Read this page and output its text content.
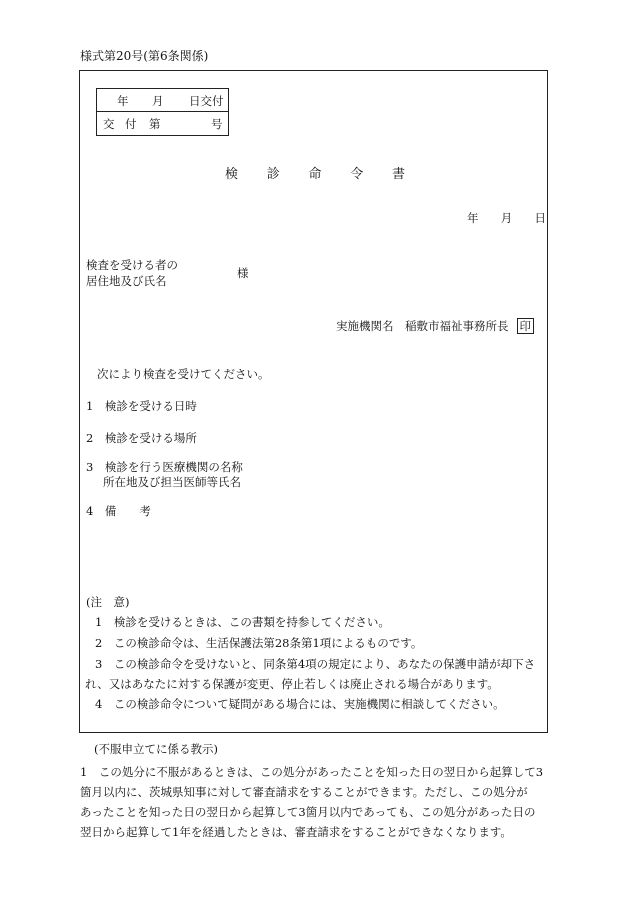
様式第20号(第6条関係)
年 月 日交付
交 付 第	号
検 診 命 令 書
年 月 日
検査を受ける者の
居住地及び氏名
様
実施機関名　稲敷市福祉事務所長 印
次により検査を受けてください。
1　検診を受ける日時
2　検診を受ける場所
3　検診を行う医療機関の名称
所在地及び担当医師等氏名
4　備　　考
(注　意)
1　検診を受けるときは、この書類を持参してください。
2　この検診命令は、生活保護法第28条第1項によるものです。
3　この検診命令を受けないと、同条第4項の規定により、あなたの保護申請が却下さ
れ、又はあなたに対する保護が変更、停止若しくは廃止される場合があります。
4　この検診命令について疑問がある場合には、実施機関に相談してください。
(不服申立てに係る教示)
1　この処分に不服があるときは、この処分があったことを知った日の翌日から起算して3
箇月以内に、茨城県知事に対して審査請求をすることができます。ただし、この処分が
あったことを知った日の翌日から起算して3箇月以内であっても、この処分があった日の
翌日から起算して1年を経過したときは、審査請求をすることができなくなります。
